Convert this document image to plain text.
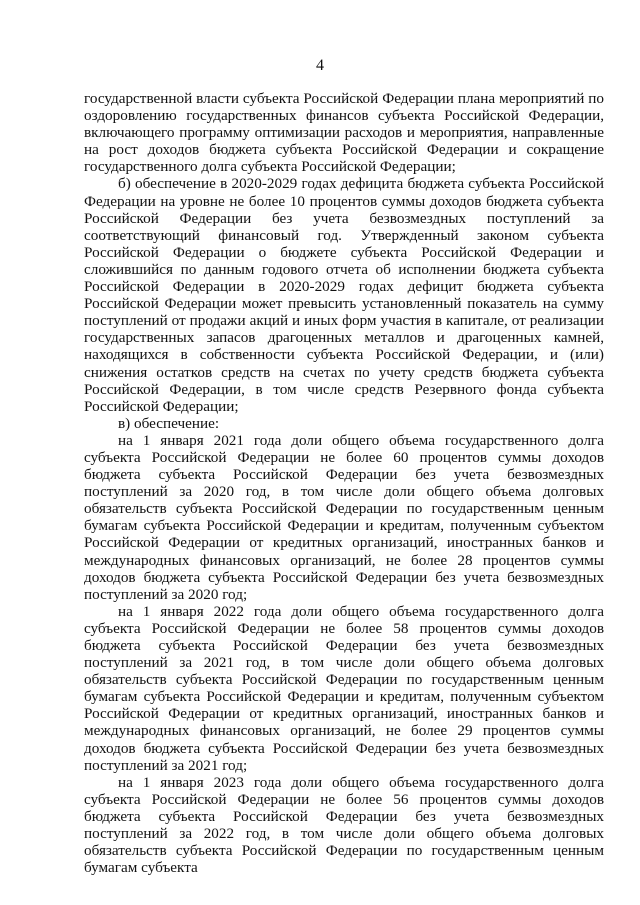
4

государственной власти субъекта Российской Федерации плана мероприятий по оздоровлению государственных финансов субъекта Российской Федерации, включающего программу оптимизации расходов и мероприятия, направленные на рост доходов бюджета субъекта Российской Федерации и сокращение государственного долга субъекта Российской Федерации;

б) обеспечение в 2020-2029 годах дефицита бюджета субъекта Российской Федерации на уровне не более 10 процентов суммы доходов бюджета субъекта Российской Федерации без учета безвозмездных поступлений за соответствующий финансовый год. Утвержденный законом субъекта Российской Федерации о бюджете субъекта Российской Федерации и сложившийся по данным годового отчета об исполнении бюджета субъекта Российской Федерации в 2020-2029 годах дефицит бюджета субъекта Российской Федерации может превысить установленный показатель на сумму поступлений от продажи акций и иных форм участия в капитале, от реализации государственных запасов драгоценных металлов и драгоценных камней, находящихся в собственности субъекта Российской Федерации, и (или) снижения остатков средств на счетах по учету средств бюджета субъекта Российской Федерации, в том числе средств Резервного фонда субъекта Российской Федерации;

в) обеспечение:

на 1 января 2021 года доли общего объема государственного долга субъекта Российской Федерации не более 60 процентов суммы доходов бюджета субъекта Российской Федерации без учета безвозмездных поступлений за 2020 год, в том числе доли общего объема долговых обязательств субъекта Российской Федерации по государственным ценным бумагам субъекта Российской Федерации и кредитам, полученным субъектом Российской Федерации от кредитных организаций, иностранных банков и международных финансовых организаций, не более 28 процентов суммы доходов бюджета субъекта Российской Федерации без учета безвозмездных поступлений за 2020 год;

на 1 января 2022 года доли общего объема государственного долга субъекта Российской Федерации не более 58 процентов суммы доходов бюджета субъекта Российской Федерации без учета безвозмездных поступлений за 2021 год, в том числе доли общего объема долговых обязательств субъекта Российской Федерации по государственным ценным бумагам субъекта Российской Федерации и кредитам, полученным субъектом Российской Федерации от кредитных организаций, иностранных банков и международных финансовых организаций, не более 29 процентов суммы доходов бюджета субъекта Российской Федерации без учета безвозмездных поступлений за 2021 год;

на 1 января 2023 года доли общего объема государственного долга субъекта Российской Федерации не более 56 процентов суммы доходов бюджета субъекта Российской Федерации без учета безвозмездных поступлений за 2022 год, в том числе доли общего объема долговых обязательств субъекта Российской Федерации по государственным ценным бумагам субъекта
